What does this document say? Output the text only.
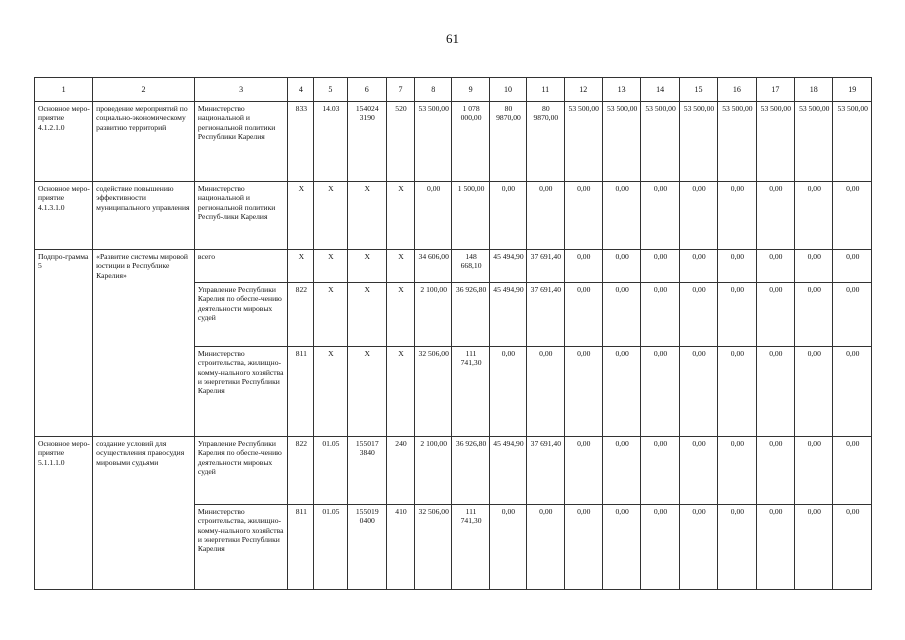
61
1	2	3	4	5	6	7	8	9	10	11	12	13	14	15	16	17	18	19
Основное меро-приятие 4.1.2.1.0	проведение мероприятий по социально-экономическому развитию территорий	Министерство национальной и региональной политики Республики Карелия	833	14.03	154024 3190	520	53 500,00	1 078 000,00	80 9870,00	80 9870,00	53 500,00	53 500,00	53 500,00	53 500,00	53 500,00	53 500,00	53 500,00	53 500,00
Основное меро-приятие 4.1.3.1.0	содействие повышению эффективности муниципального управления	Министерство национальной и региональной политики Респуб-лики Карелия	Х	Х	Х	Х	0,00	1 500,00	0,00	0,00	0,00	0,00	0,00	0,00	0,00	0,00	0,00	0,00
Подпро-грамма 5	«Развитие системы мировой юстиции в Республике Карелия»	всего	Х	Х	Х	Х	34 606,00	148 668,10	45 494,90	37 691,40	0,00	0,00	0,00	0,00	0,00	0,00	0,00	0,00
		Управление Республики Карелия по обеспе-чению деятельности мировых судей	822	Х	Х	Х	2 100,00	36 926,80	45 494,90	37 691,40	0,00	0,00	0,00	0,00	0,00	0,00	0,00	0,00
		Министерство строительства, жилищно-комму-нального хозяйства и энергетики Республики Карелия	811	Х	Х	Х	32 506,00	111 741,30	0,00	0,00	0,00	0,00	0,00	0,00	0,00	0,00	0,00	0,00
Основное меро-приятие 5.1.1.1.0	создание условий для осуществления правосудия мировыми судьями	Управление Республики Карелия по обеспе-чению деятельности мировых судей	822	01.05	155017 3840	240	2 100,00	36 926,80	45 494,90	37 691,40	0,00	0,00	0,00	0,00	0,00	0,00	0,00	0,00
		Министерство строительства, жилищно-комму-нального хозяйства и энергетики Республики Карелия	811	01.05	155019 0400	410	32 506,00	111 741,30	0,00	0,00	0,00	0,00	0,00	0,00	0,00	0,00	0,00	0,00
